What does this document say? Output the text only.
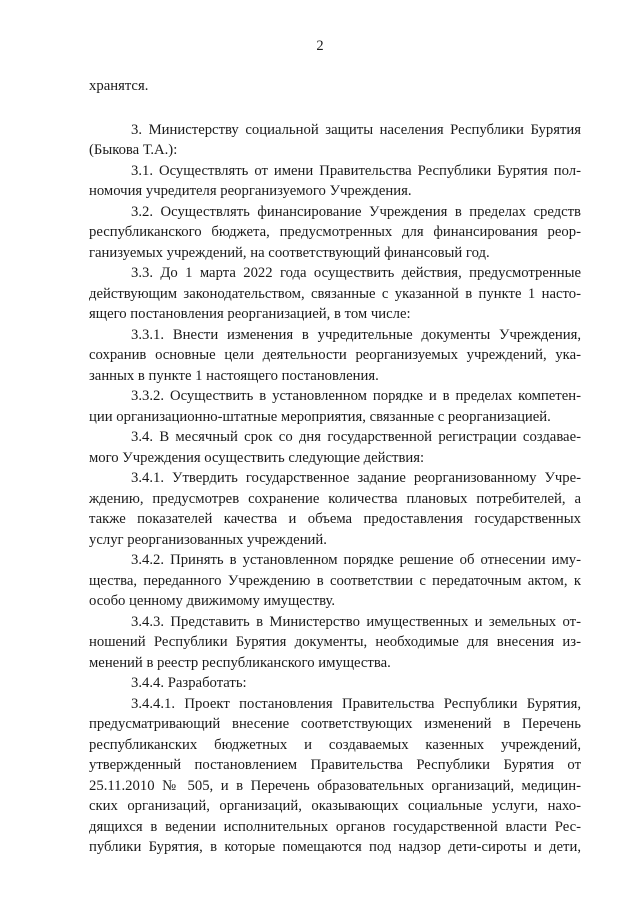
2
хранятся.
3. Министерству социальной защиты населения Республики Бурятия
(Быкова Т.А.):
3.1. Осуществлять от имени Правительства Республики Бурятия пол-
номочия учредителя реорганизуемого Учреждения.
3.2. Осуществлять финансирование Учреждения в пределах средств
республиканского бюджета, предусмотренных для финансирования реор-
ганизуемых учреждений, на соответствующий финансовый год.
3.3. До 1 марта 2022 года осуществить действия, предусмотренные
действующим законодательством, связанные с указанной в пункте 1 насто-
ящего постановления реорганизацией, в том числе:
3.3.1. Внести изменения в учредительные документы Учреждения,
сохранив основные цели деятельности реорганизуемых учреждений, ука-
занных в пункте 1 настоящего постановления.
3.3.2. Осуществить в установленном порядке и в пределах компетен-
ции организационно-штатные мероприятия, связанные с реорганизацией.
3.4. В месячный срок со дня государственной регистрации создавае-
мого Учреждения осуществить следующие действия:
3.4.1. Утвердить государственное задание реорганизованному Учре-
ждению, предусмотрев сохранение количества плановых потребителей, а
также показателей качества и объема предоставления государственных
услуг реорганизованных учреждений.
3.4.2. Принять в установленном порядке решение об отнесении иму-
щества, переданного Учреждению в соответствии с передаточным актом, к
особо ценному движимому имуществу.
3.4.3. Представить в Министерство имущественных и земельных от-
ношений Республики Бурятия документы, необходимые для внесения из-
менений в реестр республиканского имущества.
3.4.4. Разработать:
3.4.4.1. Проект постановления Правительства Республики Бурятия,
предусматривающий внесение соответствующих изменений в Перечень
республиканских бюджетных и создаваемых казенных учреждений,
утвержденный постановлением Правительства Республики Бурятия от
25.11.2010 № 505, и в Перечень образовательных организаций, медицин-
ских организаций, организаций, оказывающих социальные услуги, нахо-
дящихся в ведении исполнительных органов государственной власти Рес-
публики Бурятия, в которые помещаются под надзор дети-сироты и дети,
